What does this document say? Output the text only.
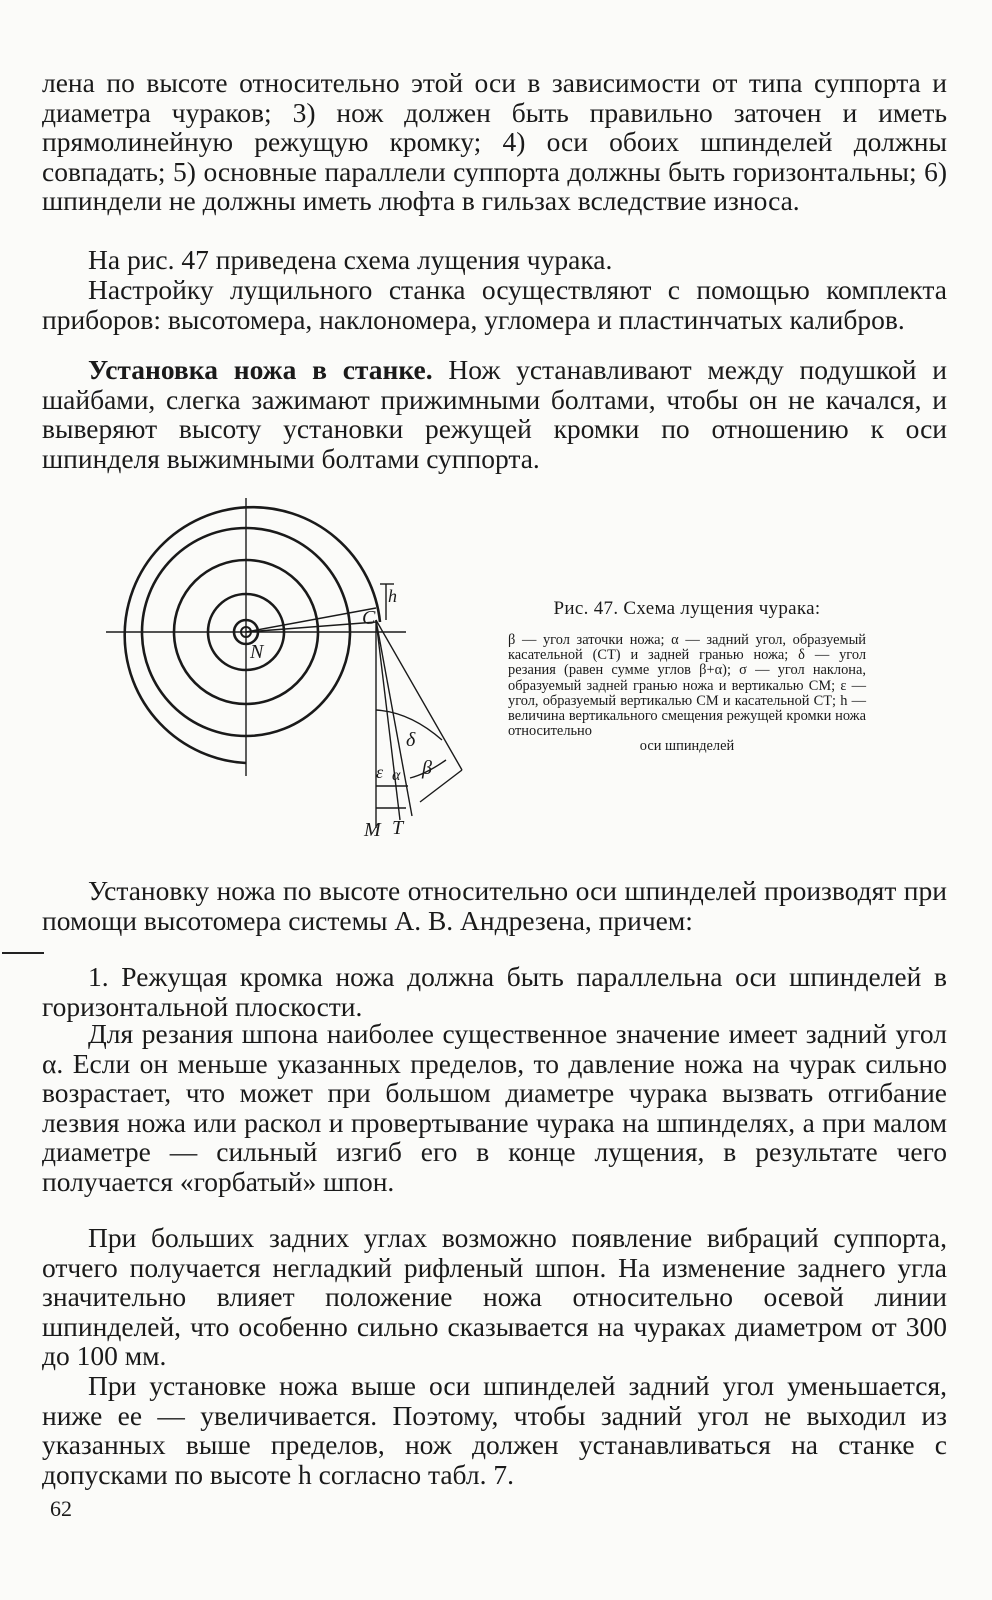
лена по высоте относительно этой оси в зависимости от типа суппорта и диаметра чураков; 3) нож должен быть правильно заточен и иметь прямолинейную режущую кромку; 4) оси обоих шпинделей должны совпадать; 5) основные параллели суппорта должны быть горизонтальны; 6) шпиндели не должны иметь люфта в гильзах вследствие износа.

На рис. 47 приведена схема лущения чурака.

Настройку лущильного станка осуществляют с помощью комплекта приборов: высотомера, наклономера, угломера и пластинчатых калибров.

Установка ножа в станке. Нож устанавливают между подушкой и шайбами, слегка зажимают прижимными болтами, чтобы он не качался, и выверяют высоту установки режущей кромки по отношению к оси шпинделя выжимными болтами суппорта.

N
C
h
δ
β
ε α
M T

Рис. 47. Схема лущения чурака:

β — угол заточки ножа; α — задний угол, образуемый касательной (СТ) и задней гранью ножа; δ — угол резания (равен сумме углов β+α); σ — угол наклона, образуемый задней гранью ножа и вертикалью СМ; ε — угол, образуемый вертикалью СМ и касательной СТ; h — величина вертикального смещения режущей кромки ножа относительно
оси шпинделей

Установку ножа по высоте относительно оси шпинделей производят при помощи высотомера системы А. В. Андрезена, причем:

1. Режущая кромка ножа должна быть параллельна оси шпинделей в горизонтальной плоскости.

Для резания шпона наиболее существенное значение имеет задний угол α. Если он меньше указанных пределов, то давление ножа на чурак сильно возрастает, что может при большом диаметре чурака вызвать отгибание лезвия ножа или раскол и провертывание чурака на шпинделях, а при малом диаметре — сильный изгиб его в конце лущения, в результате чего получается «горбатый» шпон.

При больших задних углах возможно появление вибраций суппорта, отчего получается негладкий рифленый шпон. На изменение заднего угла значительно влияет положение ножа относительно осевой линии шпинделей, что особенно сильно сказывается на чураках диаметром от 300 до 100 мм.

При установке ножа выше оси шпинделей задний угол уменьшается, ниже ее — увеличивается. Поэтому, чтобы задний угол не выходил из указанных выше пределов, нож должен устанавливаться на станке с допусками по высоте h согласно табл. 7.

62
